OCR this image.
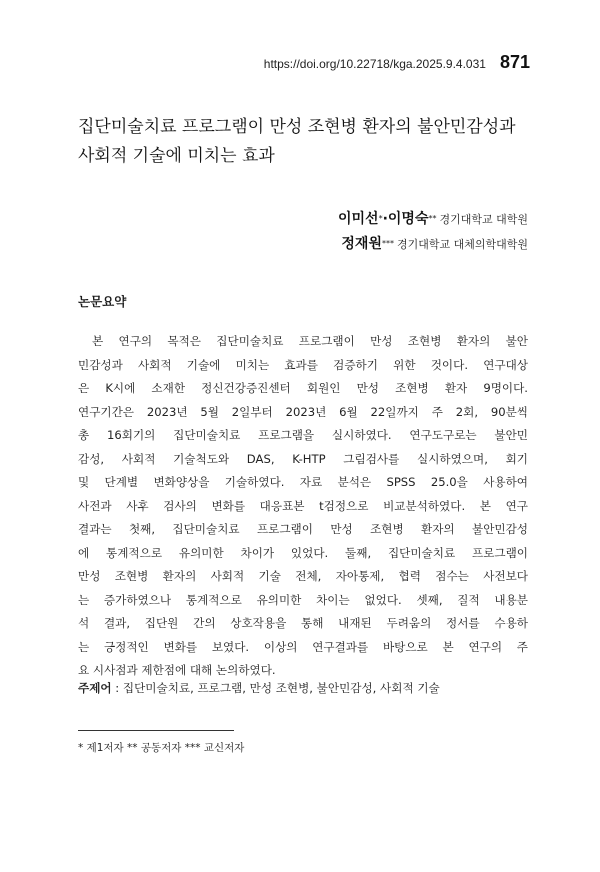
https://doi.org/10.22718/kga.2025.9.4.031 871
집단미술치료 프로그램이 만성 조현병 환자의 불안민감성과
사회적 기술에 미치는 효과
이미선*·이명숙** 경기대학교 대학원
정재원*** 경기대학교 대체의학대학원
논문요약
본 연구의 목적은 집단미술치료 프로그램이 만성 조현병 환자의 불안
민감성과 사회적 기술에 미치는 효과를 검증하기 위한 것이다. 연구대상
은 K시에 소재한 정신건강증진센터 회원인 만성 조현병 환자 9명이다.
연구기간은 2023년 5월 2일부터 2023년 6월 22일까지 주 2회, 90분씩
총 16회기의 집단미술치료 프로그램을 실시하였다. 연구도구로는 불안민
감성, 사회적 기술척도와 DAS, K-HTP 그림검사를 실시하였으며, 회기
및 단계별 변화양상을 기술하였다. 자료 분석은 SPSS 25.0을 사용하여
사전과 사후 검사의 변화를 대응표본 t검정으로 비교분석하였다. 본 연구
결과는 첫째, 집단미술치료 프로그램이 만성 조현병 환자의 불안민감성
에 통계적으로 유의미한 차이가 있었다. 둘째, 집단미술치료 프로그램이
만성 조현병 환자의 사회적 기술 전체, 자아통제, 협력 점수는 사전보다
는 증가하였으나 통계적으로 유의미한 차이는 없었다. 셋째, 질적 내용분
석 결과, 집단원 간의 상호작용을 통해 내재된 두려움의 정서를 수용하
는 긍정적인 변화를 보였다. 이상의 연구결과를 바탕으로 본 연구의 주
요 시사점과 제한점에 대해 논의하였다.
주제어 : 집단미술치료, 프로그램, 만성 조현병, 불안민감성, 사회적 기술
* 제1저자 ** 공동저자 *** 교신저자
